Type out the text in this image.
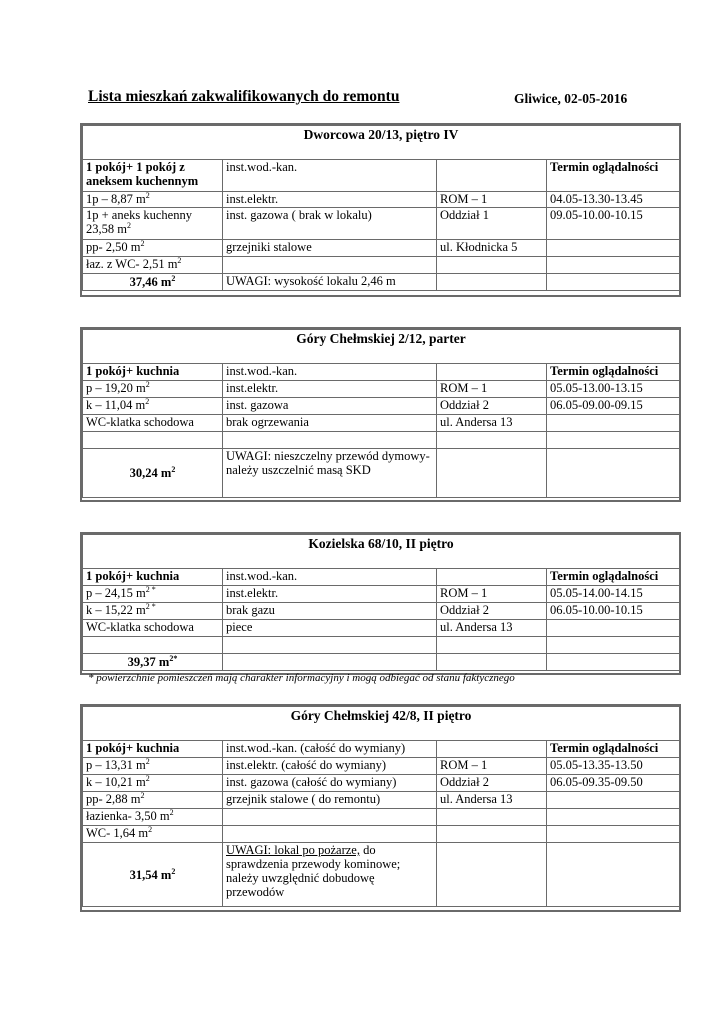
Lista mieszkań zakwalifikowanych do remontu	Gliwice, 02-05-2016
Dworcowa 20/13, piętro IV			
1 pokój+ 1 pokój z aneksem kuchennym	inst.wod.-kan.		Termin oglądalności
1p – 8,87 $m^2$	inst.elektr.	ROM – 1	04.05-13.30-13.45
1p + aneks kuchenny 23,58 $m^2$	inst. gazowa ( brak w lokalu)	Oddział 1	09.05-10.00-10.15
pp- 2,50 $m^2$	grzejniki stalowe	ul. Kłodnicka 5	
łaz. z WC- 2,51 $m^2$			
37,46 $m^2$	UWAGI: wysokość lokalu 2,46 m		
Góry Chełmskiej 2/12, parter			
1 pokój+ kuchnia	inst.wod.-kan.		Termin oglądalności
p – 19,20 $m^2$	inst.elektr.	ROM – 1	05.05-13.00-13.15
k – 11,04 $m^2$	inst. gazowa	Oddział 2	06.05-09.00-09.15
WC-klatka schodowa	brak ogrzewania	ul. Andersa 13	

30,24 $m^2$	UWAGI: nieszczelny przewód dymowy-należy uszczelnić masą SKD		
Kozielska 68/10, II piętro			
1 pokój+ kuchnia	inst.wod.-kan.		Termin oglądalności
p – 24,15 $m^{2 *}$	inst.elektr.	ROM – 1	05.05-14.00-14.15
k – 15,22 $m^{2 *}$	brak gazu	Oddział 2	06.05-10.00-10.15
WC-klatka schodowa	piece	ul. Andersa 13	

39,37 $m^{2*}$			
* powierzchnie pomieszczeń mają charakter informacyjny i mogą odbiegać od stanu faktycznego
Góry Chełmskiej 42/8, II piętro			
1 pokój+ kuchnia	inst.wod.-kan. (całość do wymiany)		Termin oglądalności
p – 13,31 $m^2$	inst.elektr. (całość do wymiany)	ROM – 1	05.05-13.35-13.50
k – 10,21 $m^2$	inst. gazowa (całość do wymiany)	Oddział 2	06.05-09.35-09.50
pp- 2,88 $m^2$	grzejnik stalowe ( do remontu)	ul. Andersa 13	
łazienka- 3,50 $m^2$			
WC- 1,64 $m^2$			
31,54 $m^2$	UWAGI: lokal po pożarze, do sprawdzenia przewody kominowe; należy uwzględnić dobudowę przewodów		
